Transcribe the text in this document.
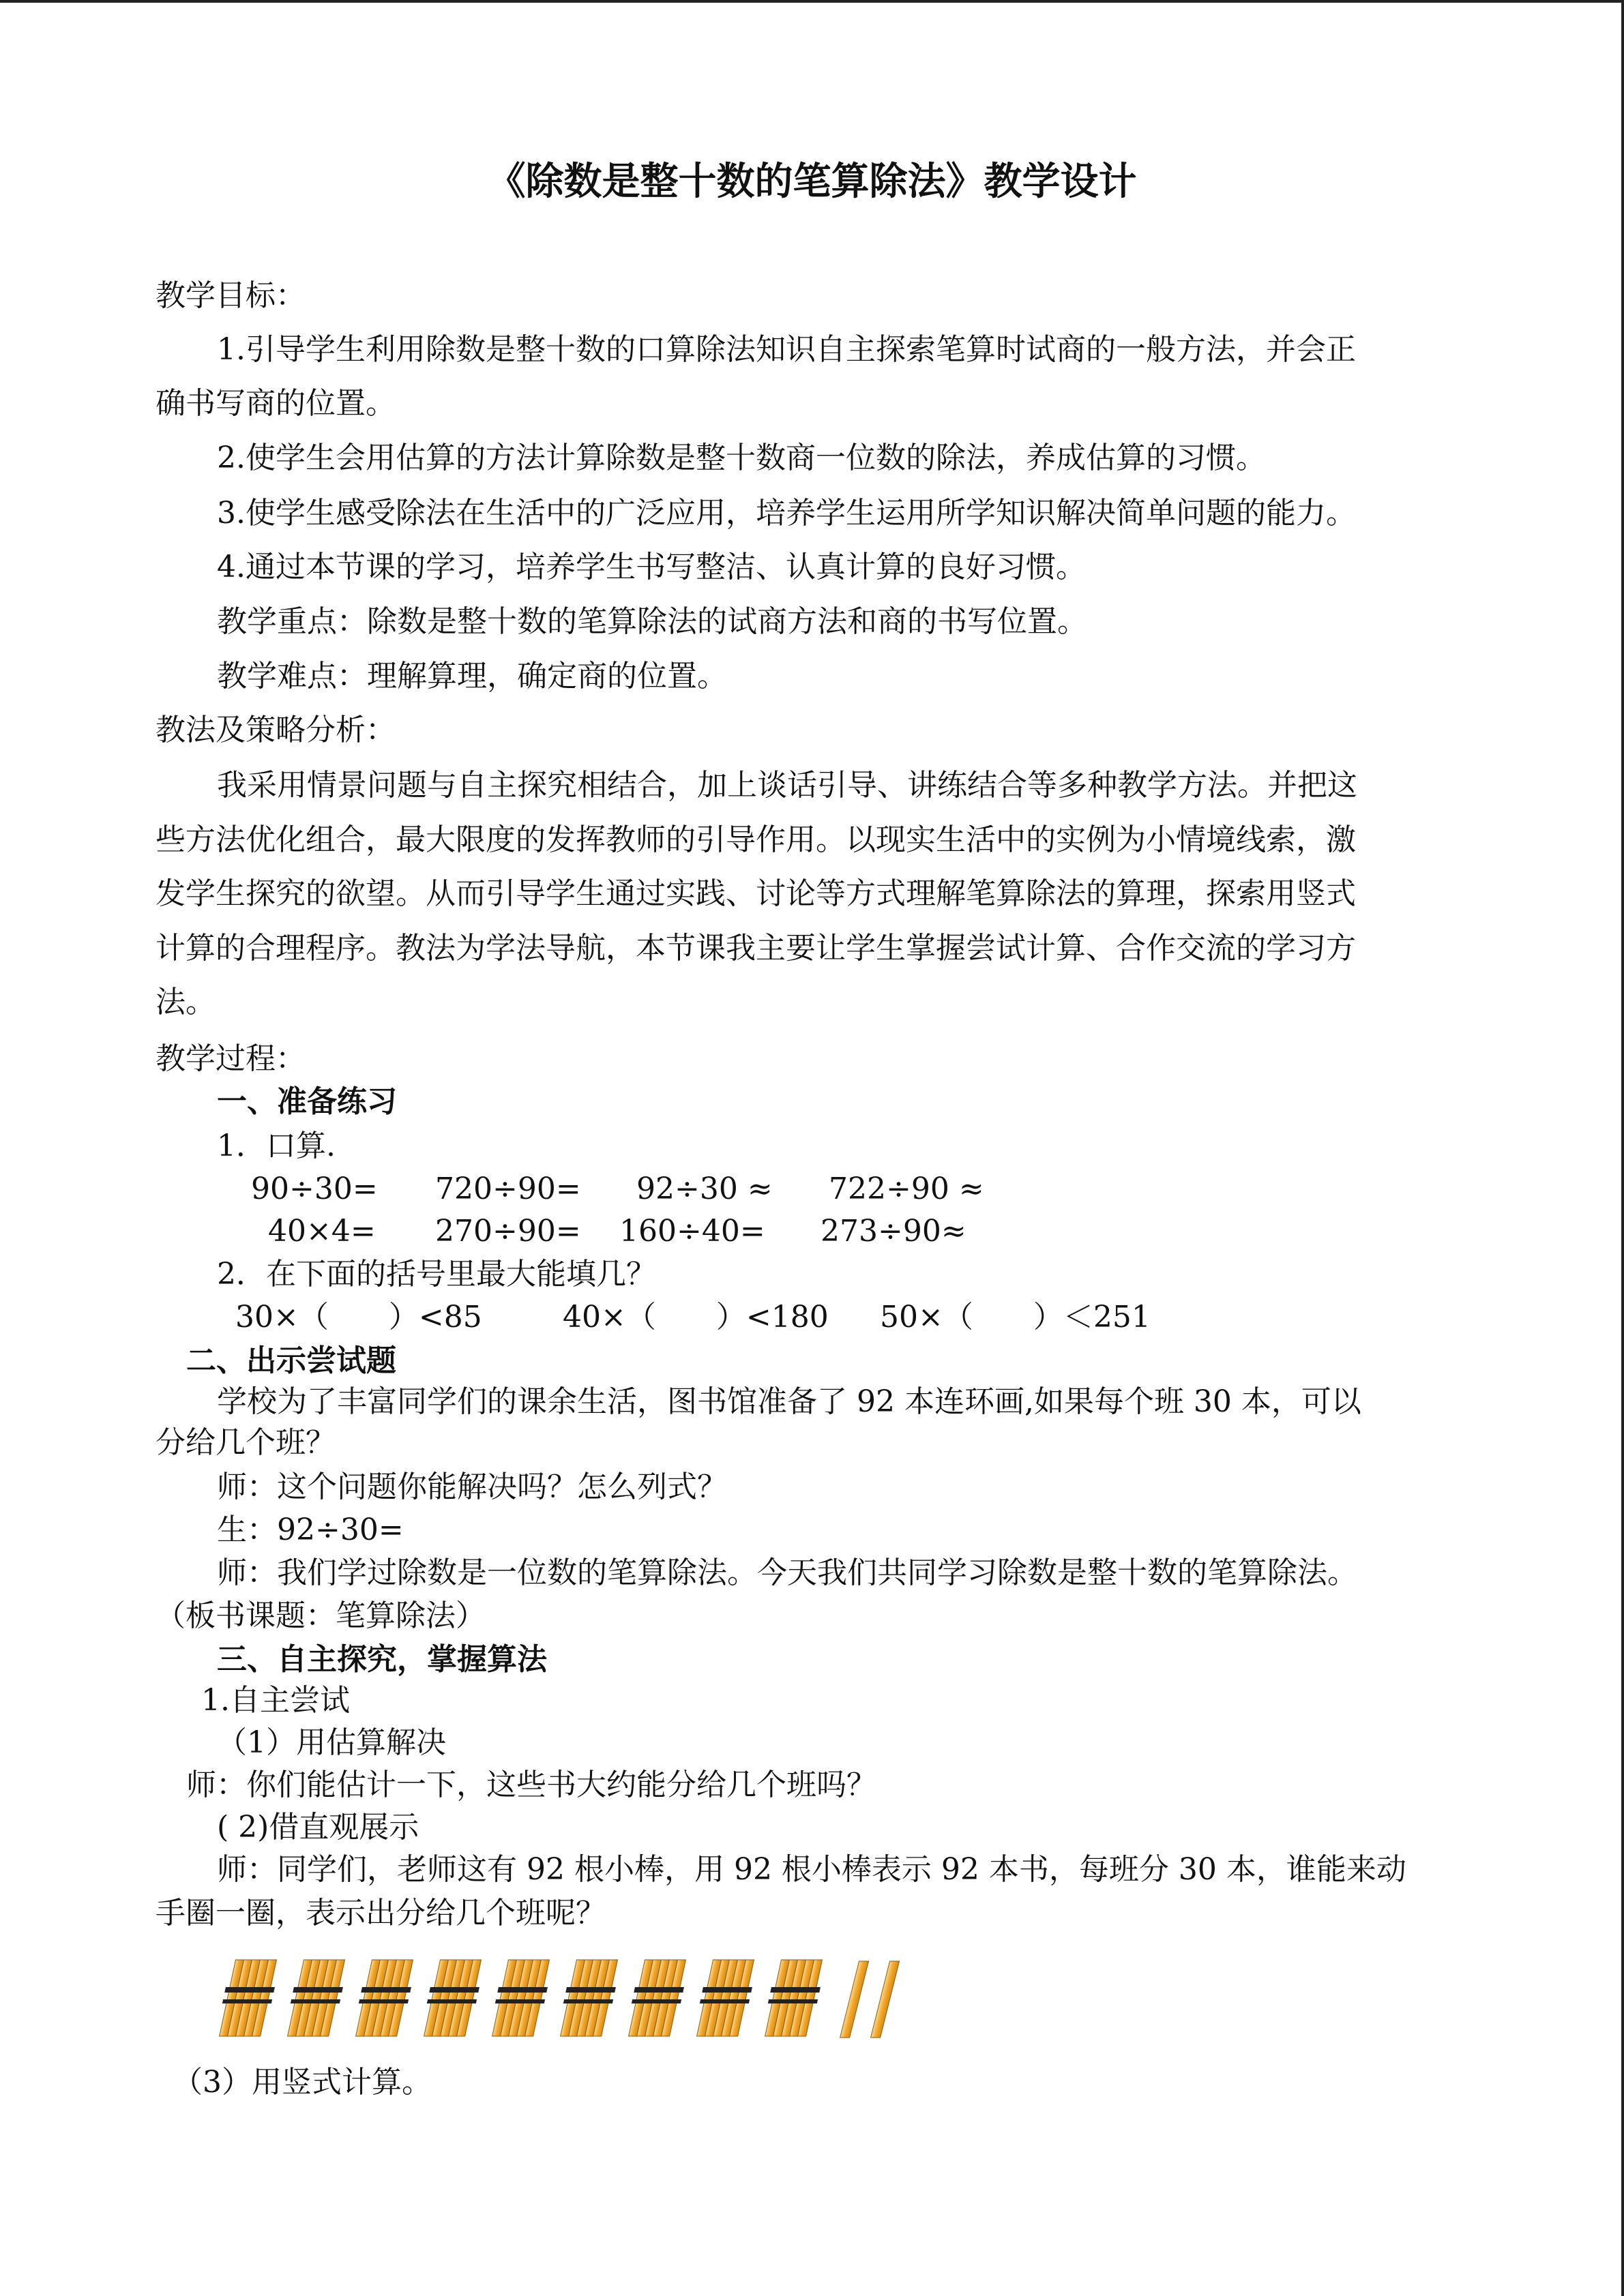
《除数是整十数的笔算除法》教学设计
教学目标：
1.引导学生利用除数是整十数的口算除法知识自主探索笔算时试商的一般方法，并会正
确书写商的位置。
2.使学生会用估算的方法计算除数是整十数商一位数的除法，养成估算的习惯。
3.使学生感受除法在生活中的广泛应用，培养学生运用所学知识解决简单问题的能力。
4.通过本节课的学习，培养学生书写整洁、认真计算的良好习惯。
教学重点：除数是整十数的笔算除法的试商方法和商的书写位置。
教学难点：理解算理，确定商的位置。
教法及策略分析：
我采用情景问题与自主探究相结合，加上谈话引导、讲练结合等多种教学方法。并把这
些方法优化组合，最大限度的发挥教师的引导作用。以现实生活中的实例为小情境线索，激
发学生探究的欲望。从而引导学生通过实践、讨论等方式理解笔算除法的算理，探索用竖式
计算的合理程序。教法为学法导航，本节课我主要让学生掌握尝试计算、合作交流的学习方
法。
教学过程：
一、准备练习
1．口算.
90÷30= 720÷90= 92÷30 ≈ 722÷90 ≈
40×4= 270÷90= 160÷40= 273÷90≈
2．在下面的括号里最大能填几？
30×（　　）<85	40×（　　）<180 50×（　　）＜251
二、出示尝试题
学校为了丰富同学们的课余生活，图书馆准备了 92 本连环画,如果每个班 30 本，可以
分给几个班？
师：这个问题你能解决吗？怎么列式？
生：92÷30=
师：我们学过除数是一位数的笔算除法。今天我们共同学习除数是整十数的笔算除法。
（板书课题：笔算除法）
三、自主探究，掌握算法
1.自主尝试
（1）用估算解决
师：你们能估计一下，这些书大约能分给几个班吗？
( 2)借直观展示
师：同学们，老师这有 92 根小棒，用 92 根小棒表示 92 本书，每班分 30 本，谁能来动
手圈一圈，表示出分给几个班呢？
（3）用竖式计算。
